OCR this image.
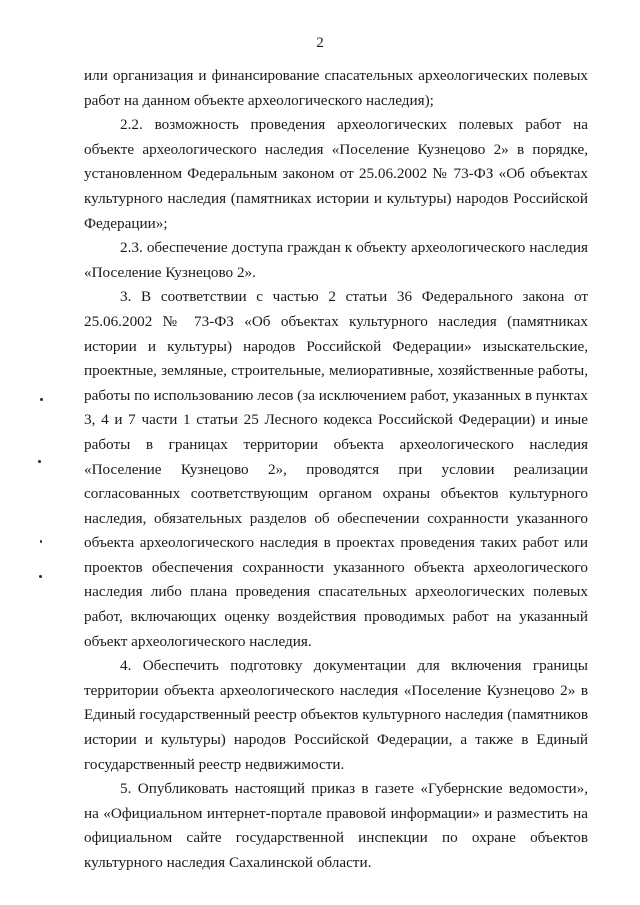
2

или организация и финансирование спасательных археологических полевых работ на данном объекте археологического наследия);

2.2. возможность проведения археологических полевых работ на объекте археологического наследия «Поселение Кузнецово 2» в порядке, установленном Федеральным законом от 25.06.2002 № 73-ФЗ «Об объектах культурного наследия (памятниках истории и культуры) народов Российской Федерации»;

2.3. обеспечение доступа граждан к объекту археологического наследия «Поселение Кузнецово 2».

3. В соответствии с частью 2 статьи 36 Федерального закона от 25.06.2002 № 73-ФЗ «Об объектах культурного наследия (памятниках истории и культуры) народов Российской Федерации» изыскательские, проектные, земляные, строительные, мелиоративные, хозяйственные работы, работы по использованию лесов (за исключением работ, указанных в пунктах 3, 4 и 7 части 1 статьи 25 Лесного кодекса Российской Федерации) и иные работы в границах территории объекта археологического наследия «Поселение Кузнецово 2», проводятся при условии реализации согласованных соответствующим органом охраны объектов культурного наследия, обязательных разделов об обеспечении сохранности указанного объекта археологического наследия в проектах проведения таких работ или проектов обеспечения сохранности указанного объекта археологического наследия либо плана проведения спасательных археологических полевых работ, включающих оценку воздействия проводимых работ на указанный объект археологического наследия.

4. Обеспечить подготовку документации для включения границы территории объекта археологического наследия «Поселение Кузнецово 2» в Единый государственный реестр объектов культурного наследия (памятников истории и культуры) народов Российской Федерации, а также в Единый государственный реестр недвижимости.

5. Опубликовать настоящий приказ в газете «Губернские ведомости», на «Официальном интернет-портале правовой информации» и разместить на официальном сайте государственной инспекции по охране объектов культурного наследия Сахалинской области.
